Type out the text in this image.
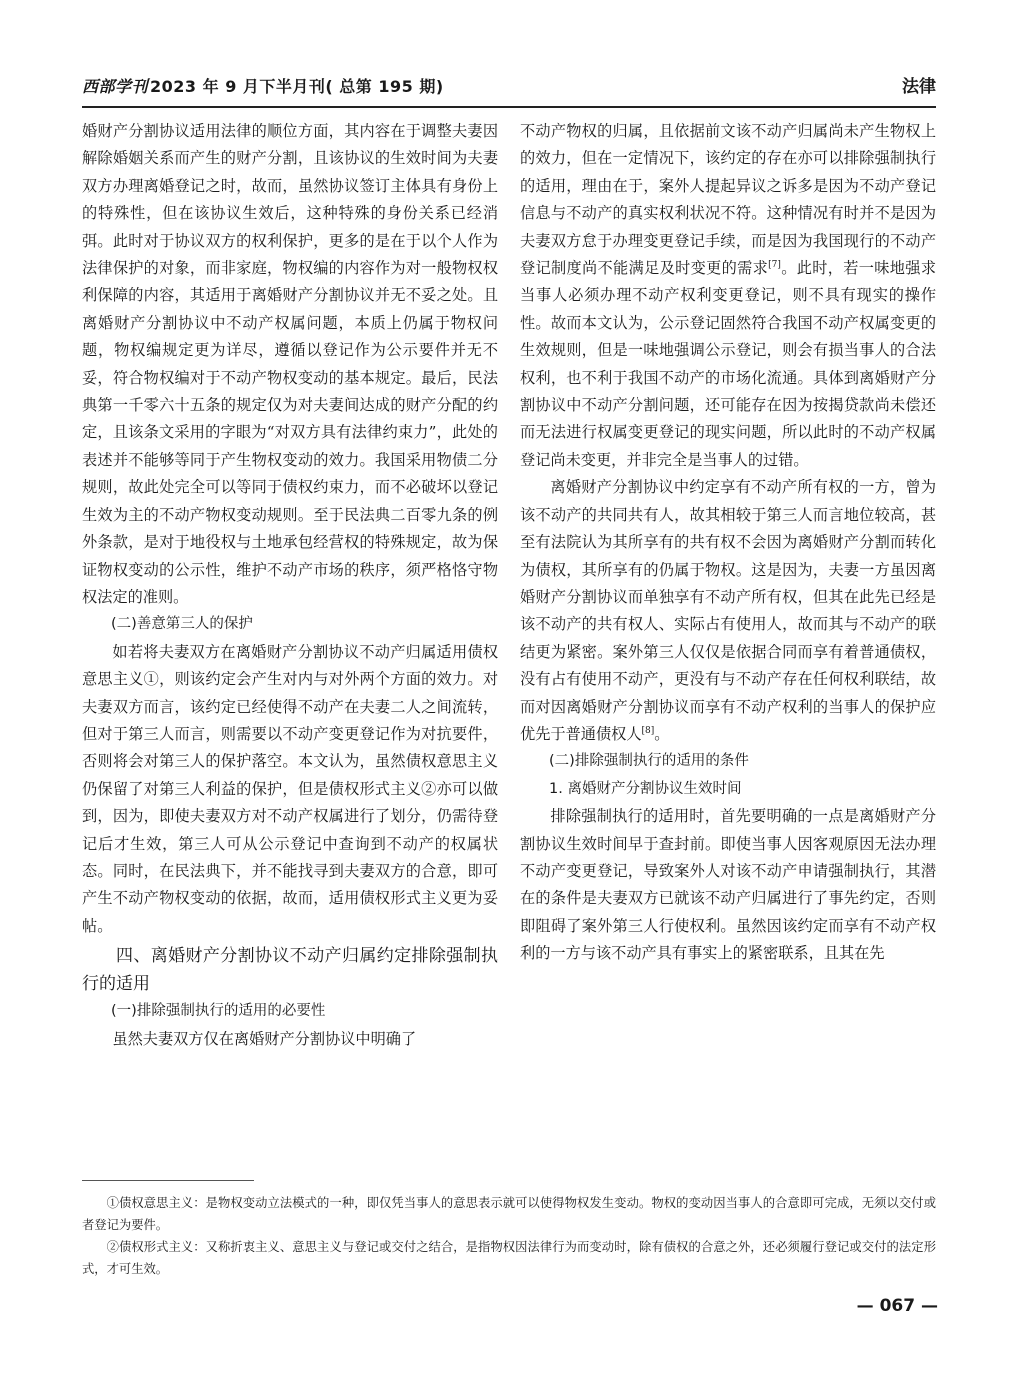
西部学刊 2023 年 9 月下半月刊( 总第 195 期)	法律

婚财产分割协议适用法律的顺位方面，其内容在于调整夫妻因解除婚姻关系而产生的财产分割，且该协议的生效时间为夫妻双方办理离婚登记之时，故而，虽然协议签订主体具有身份上的特殊性，但在该协议生效后，这种特殊的身份关系已经消弭。此时对于协议双方的权利保护，更多的是在于以个人作为法律保护的对象，而非家庭，物权编的内容作为对一般物权权利保障的内容，其适用于离婚财产分割协议并无不妥之处。且离婚财产分割协议中不动产权属问题，本质上仍属于物权问题，物权编规定更为详尽，遵循以登记作为公示要件并无不妥，符合物权编对于不动产物权变动的基本规定。最后，民法典第一千零六十五条的规定仅为对夫妻间达成的财产分配的约定，且该条文采用的字眼为“对双方具有法律约束力”，此处的表述并不能够等同于产生物权变动的效力。我国采用物债二分规则，故此处完全可以等同于债权约束力，而不必破坏以登记生效为主的不动产物权变动规则。至于民法典二百零九条的例外条款，是对于地役权与土地承包经营权的特殊规定，故为保证物权变动的公示性，维护不动产市场的秩序，须严格恪守物权法定的准则。

(二)善意第三人的保护

如若将夫妻双方在离婚财产分割协议不动产归属适用债权意思主义①，则该约定会产生对内与对外两个方面的效力。对夫妻双方而言，该约定已经使得不动产在夫妻二人之间流转，但对于第三人而言，则需要以不动产变更登记作为对抗要件，否则将会对第三人的保护落空。本文认为，虽然债权意思主义仍保留了对第三人利益的保护，但是债权形式主义②亦可以做到，因为，即使夫妻双方对不动产权属进行了划分，仍需待登记后才生效，第三人可从公示登记中查询到不动产的权属状态。同时，在民法典下，并不能找寻到夫妻双方的合意，即可产生不动产物权变动的依据，故而，适用债权形式主义更为妥帖。

四、离婚财产分割协议不动产归属约定排除强制执行的适用
(一)排除强制执行的适用的必要性

虽然夫妻双方仅在离婚财产分割协议中明确了

不动产物权的归属，且依据前文该不动产归属尚未产生物权上的效力，但在一定情况下，该约定的存在亦可以排除强制执行的适用，理由在于，案外人提起异议之诉多是因为不动产登记信息与不动产的真实权利状况不符。这种情况有时并不是因为夫妻双方怠于办理变更登记手续，而是因为我国现行的不动产登记制度尚不能满足及时变更的需求[7]。此时，若一味地强求当事人必须办理不动产权利变更登记，则不具有现实的操作性。故而本文认为，公示登记固然符合我国不动产权属变更的生效规则，但是一味地强调公示登记，则会有损当事人的合法权利，也不利于我国不动产的市场化流通。具体到离婚财产分割协议中不动产分割问题，还可能存在因为按揭贷款尚未偿还而无法进行权属变更登记的现实问题，所以此时的不动产权属登记尚未变更，并非完全是当事人的过错。

离婚财产分割协议中约定享有不动产所有权的一方，曾为该不动产的共同共有人，故其相较于第三人而言地位较高，甚至有法院认为其所享有的共有权不会因为离婚财产分割而转化为债权，其所享有的仍属于物权。这是因为，夫妻一方虽因离婚财产分割协议而单独享有不动产所有权，但其在此先已经是该不动产的共有权人、实际占有使用人，故而其与不动产的联结更为紧密。案外第三人仅仅是依据合同而享有着普通债权，没有占有使用不动产，更没有与不动产存在任何权利联结，故而对因离婚财产分割协议而享有不动产权利的当事人的保护应优先于普通债权人[8]。

(二)排除强制执行的适用的条件
1. 离婚财产分割协议生效时间

排除强制执行的适用时，首先要明确的一点是离婚财产分割协议生效时间早于查封前。即使当事人因客观原因无法办理不动产变更登记，导致案外人对该不动产申请强制执行，其潜在的条件是夫妻双方已就该不动产归属进行了事先约定，否则即阻碍了案外第三人行使权利。虽然因该约定而享有不动产权利的一方与该不动产具有事实上的紧密联系，且其在先

①债权意思主义：是物权变动立法模式的一种，即仅凭当事人的意思表示就可以使得物权发生变动。物权的变动因当事人的合意即可完成，无须以交付或者登记为要件。

②债权形式主义：又称折衷主义、意思主义与登记或交付之结合，是指物权因法律行为而变动时，除有债权的合意之外，还必须履行登记或交付的法定形式，才可生效。

— 067 —
